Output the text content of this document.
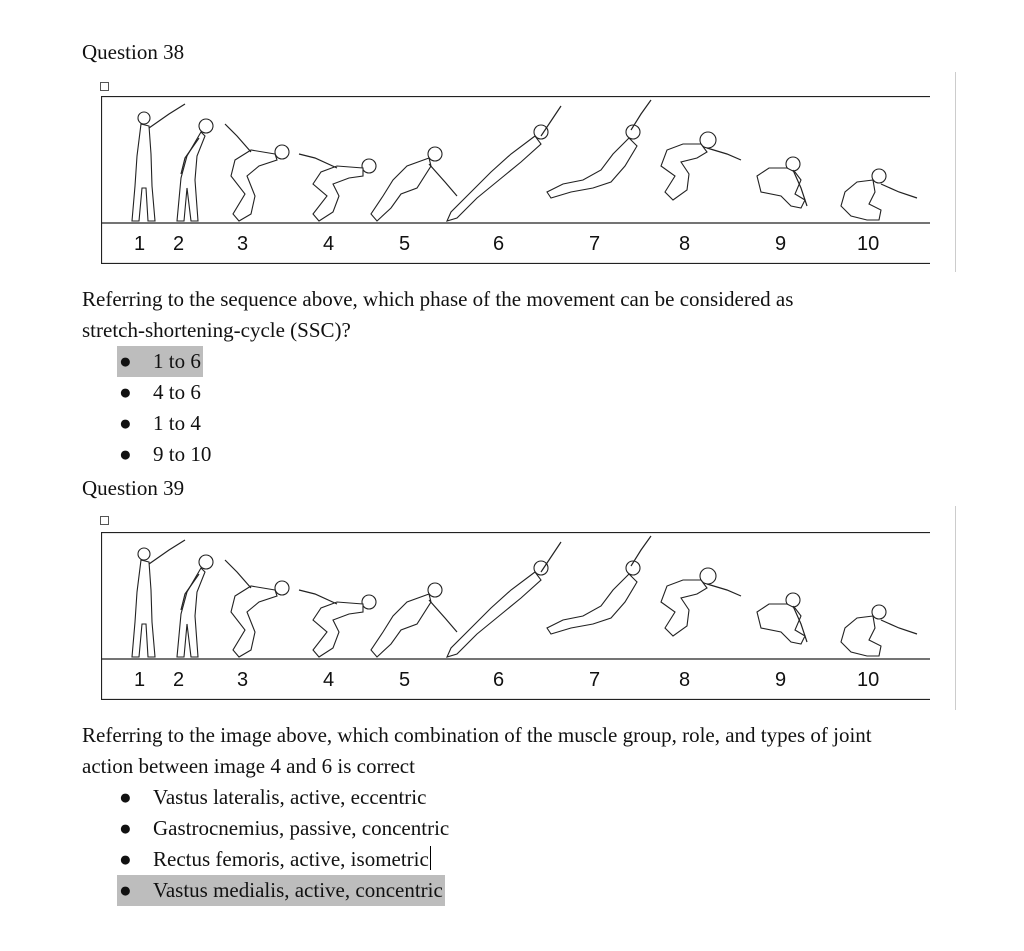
Question 38
1 2	3	4	5	6	7	8	9	10
Referring to the sequence above, which phase of the movement can be considered as
stretch-shortening-cycle (SSC)?
● 1 to 6
● 4 to 6
● 1 to 4
● 9 to 10
Question 39
1 2	3	4	5	6	7	8	9	10
Referring to the image above, which combination of the muscle group, role, and types of joint
action between image 4 and 6 is correct
● Vastus lateralis, active, eccentric
● Gastrocnemius, passive, concentric
● Rectus femoris, active, isometric
● Vastus medialis, active, concentric
